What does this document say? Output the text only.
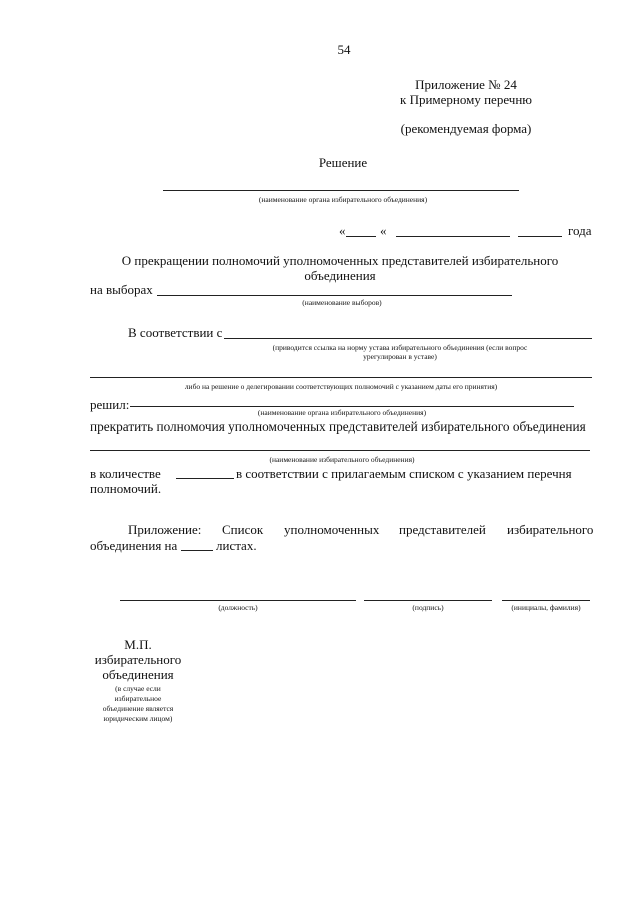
54
Приложение № 24
к Примерному перечню
(рекомендуемая форма)
Решение
(наименование органа избирательного объединения)
«	«	года
О прекращении полномочий уполномоченных представителей избирательного
объединения
на выборах
(наименование выборов)
В соответствии с
(приводится ссылка на норму устава избирательного объединения (если вопрос
урегулирован в уставе)
либо на решение о делегировании соответствующих полномочий с указанием даты его принятия)
решил:
(наименование органа избирательного объединения)
прекратить полномочия уполномоченных представителей избирательного объединения
(наименование избирательного объединения)
в количестве	в соответствии с прилагаемым списком с указанием перечня
полномочий.
Приложение: Список уполномоченных представителей избирательного
объединения на	листах.
(должность)	(подпись)	(инициалы, фамилия)
М.П.
избирательного
объединения
(в случае если
избирательное
объединение является
юридическим лицом)
